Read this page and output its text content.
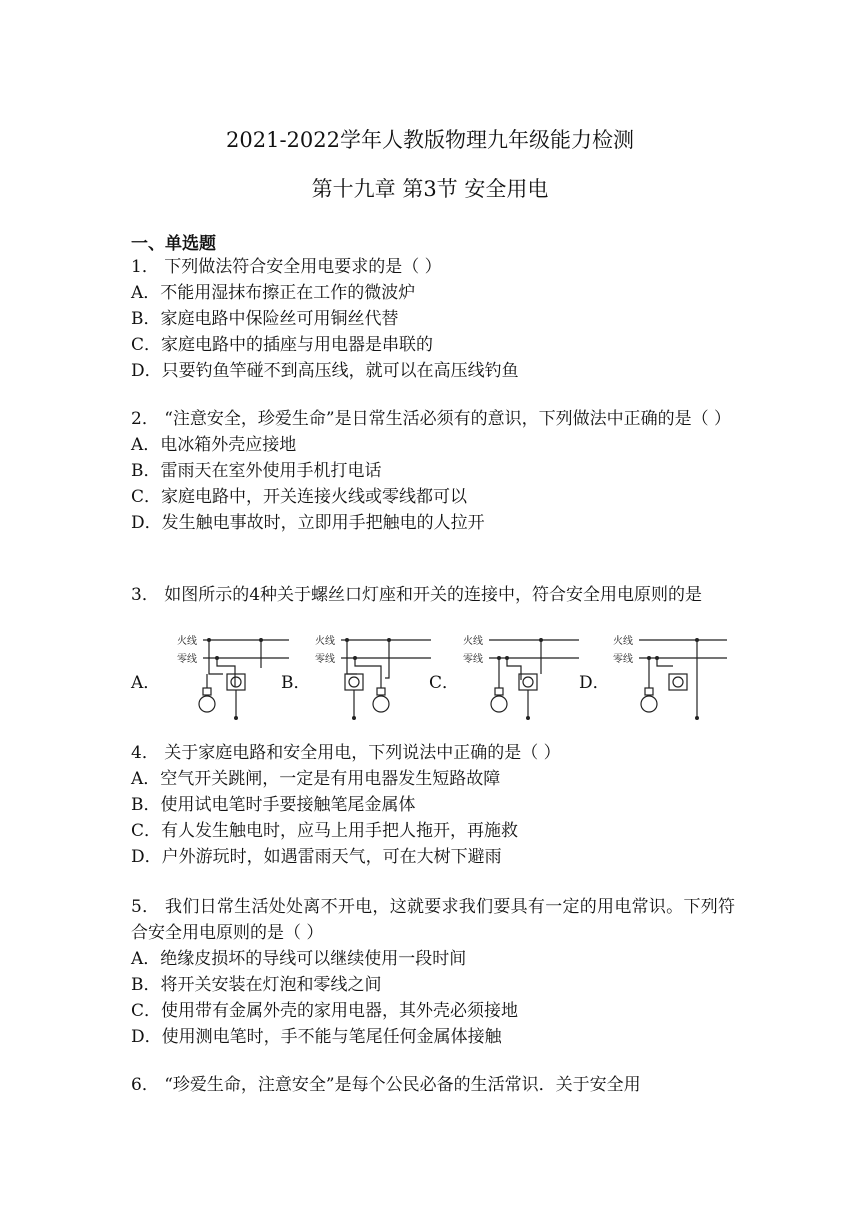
2021-2022学年人教版物理九年级能力检测
第十九章 第3节 安全用电
一、单选题

1． 下列做法符合安全用电要求的是（ ）

A．不能用湿抹布擦正在工作的微波炉

B．家庭电路中保险丝可用铜丝代替

C．家庭电路中的插座与用电器是串联的

D．只要钓鱼竿碰不到高压线，就可以在高压线钓鱼

2． “注意安全，珍爱生命”是日常生活必须有的意识，下列做法中正确的是（ ）

A．电冰箱外壳应接地

B．雷雨天在室外使用手机打电话

C．家庭电路中，开关连接火线或零线都可以

D．发生触电事故时，立即用手把触电的人拉开

3． 如图所示的4种关于螺丝口灯座和开关的连接中，符合安全用电原则的是

A．
火线
零线
B．
火线
零线
C．
火线
零线
D．
火线
零线

4． 关于家庭电路和安全用电，下列说法中正确的是（ ）

A．空气开关跳闸，一定是有用电器发生短路故障

B．使用试电笔时手要接触笔尾金属体

C．有人发生触电时，应马上用手把人拖开，再施救

D．户外游玩时，如遇雷雨天气，可在大树下避雨

5． 我们日常生活处处离不开电，这就要求我们要具有一定的用电常识。下列符合安全用电原则的是（ ）

A．绝缘皮损坏的导线可以继续使用一段时间

B．将开关安装在灯泡和零线之间

C．使用带有金属外壳的家用电器，其外壳必须接地

D．使用测电笔时，手不能与笔尾任何金属体接触

6． “珍爱生命，注意安全”是每个公民必备的生活常识．关于安全用
